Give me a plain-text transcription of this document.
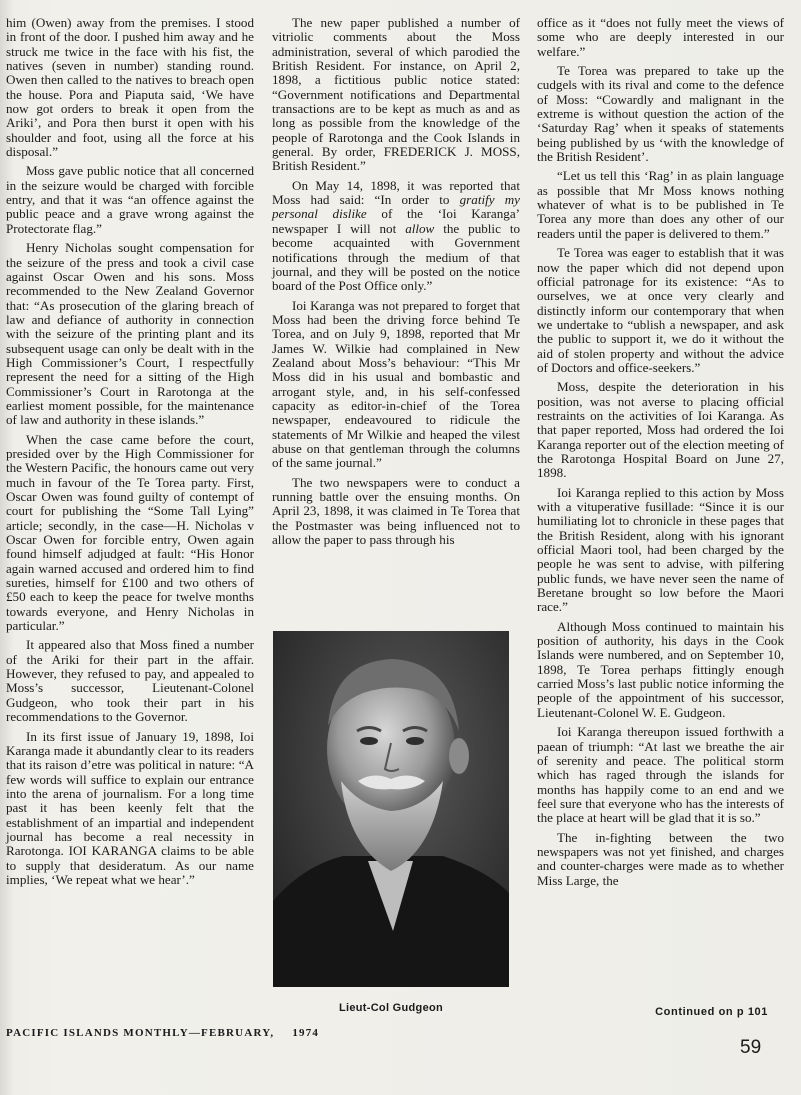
him (Owen) away from the premises. I stood in front of the door. I pushed him away and he struck me twice in the face with his fist, the natives (seven in number) standing round. Owen then called to the natives to breach open the house. Pora and Piaputa said, ‘We have now got orders to break it open from the Ariki’, and Pora then burst it open with his shoulder and foot, using all the force at his disposal.”

Moss gave public notice that all concerned in the seizure would be charged with forcible entry, and that it was “an offence against the public peace and a grave wrong against the Protectorate flag.”

Henry Nicholas sought compensation for the seizure of the press and took a civil case against Oscar Owen and his sons. Moss recommended to the New Zealand Governor that: “As prosecution of the glaring breach of law and defiance of authority in connection with the seizure of the printing plant and its subsequent usage can only be dealt with in the High Commissioner’s Court, I respectfully represent the need for a sitting of the High Commissioner’s Court in Rarotonga at the earliest moment possible, for the maintenance of law and authority in these islands.”

When the case came before the court, presided over by the High Commissioner for the Western Pacific, the honours came out very much in favour of the Te Torea party. First, Oscar Owen was found guilty of contempt of court for publishing the “Some Tall Lying” article; secondly, in the case—H. Nicholas v Oscar Owen for forcible entry, Owen again found himself adjudged at fault: “His Honor again warned accused and ordered him to find sureties, himself for £100 and two others of £50 each to keep the peace for twelve months towards everyone, and Henry Nicholas in particular.”

It appeared also that Moss fined a number of the Ariki for their part in the affair. However, they refused to pay, and appealed to Moss’s successor, Lieutenant-Colonel Gudgeon, who took their part in his recommendations to the Governor.

In its first issue of January 19, 1898, Ioi Karanga made it abundantly clear to its readers that its raison d’etre was political in nature: “A few words will suffice to explain our entrance into the arena of journalism. For a long time past it has been keenly felt that the establishment of an impartial and independent journal has become a real necessity in Rarotonga. IOI KARANGA claims to be able to supply that desideratum. As our name implies, ‘We repeat what we hear’.”

The new paper published a number of vitriolic comments about the Moss administration, several of which parodied the British Resident. For instance, on April 2, 1898, a fictitious public notice stated: “Government notifications and Departmental transactions are to be kept as much as and as long as possible from the knowledge of the people of Rarotonga and the Cook Islands in general. By order, FREDERICK J. MOSS, British Resident.”

On May 14, 1898, it was reported that Moss had said: “In order to gratify my personal dislike of the ‘Ioi Karanga’ newspaper I will not allow the public to become acquainted with Government notifications through the medium of that journal, and they will be posted on the notice board of the Post Office only.”

Ioi Karanga was not prepared to forget that Moss had been the driving force behind Te Torea, and on July 9, 1898, reported that Mr James W. Wilkie had complained in New Zealand about Moss’s behaviour: “This Mr Moss did in his usual and bombastic and arrogant style, and, in his self-confessed capacity as editor-in-chief of the Torea newspaper, endeavoured to ridicule the statements of Mr Wilkie and heaped the vilest abuse on that gentleman through the columns of the same journal.”

The two newspapers were to conduct a running battle over the ensuing months. On April 23, 1898, it was claimed in Te Torea that the Postmaster was being influenced not to allow the paper to pass through his

Lieut-Col Gudgeon

office as it “does not fully meet the views of some who are deeply interested in our welfare.”

Te Torea was prepared to take up the cudgels with its rival and come to the defence of Moss: “Cowardly and malignant in the extreme is without question the action of the ‘Saturday Rag’ when it speaks of statements being published by us ‘with the knowledge of the British Resident’.

“Let us tell this ‘Rag’ in as plain language as possible that Mr Moss knows nothing whatever of what is to be published in Te Torea any more than does any other of our readers until the paper is delivered to them.”

Te Torea was eager to establish that it was now the paper which did not depend upon official patronage for its existence: “As to ourselves, we at once very clearly and distinctly inform our contemporary that when we undertake to “ublish a newspaper, and ask the public to support it, we do it without the aid of stolen property and without the advice of Doctors and office-seekers.”

Moss, despite the deterioration in his position, was not averse to placing official restraints on the activities of Ioi Karanga. As that paper reported, Moss had ordered the Ioi Karanga reporter out of the election meeting of the Rarotonga Hospital Board on June 27, 1898.

Ioi Karanga replied to this action by Moss with a vituperative fusillade: “Since it is our humiliating lot to chronicle in these pages that the British Resident, along with his ignorant official Maori tool, had been charged by the people he was sent to advise, with pilfering public funds, we have never seen the name of Beretane brought so low before the Maori race.”

Although Moss continued to maintain his position of authority, his days in the Cook Islands were numbered, and on September 10, 1898, Te Torea perhaps fittingly enough carried Moss’s last public notice informing the people of the appointment of his successor, Lieutenant-Colonel W. E. Gudgeon.

Ioi Karanga thereupon issued forthwith a paean of triumph: “At last we breathe the air of serenity and peace. The political storm which has raged through the islands for months has happily come to an end and we feel sure that everyone who has the interests of the place at heart will be glad that it is so.”

The in-fighting between the two newspapers was not yet finished, and charges and counter-charges were made as to whether Miss Large, the

Continued on p 101
PACIFIC ISLANDS MONTHLY—FEBRUARY, 1974
59
